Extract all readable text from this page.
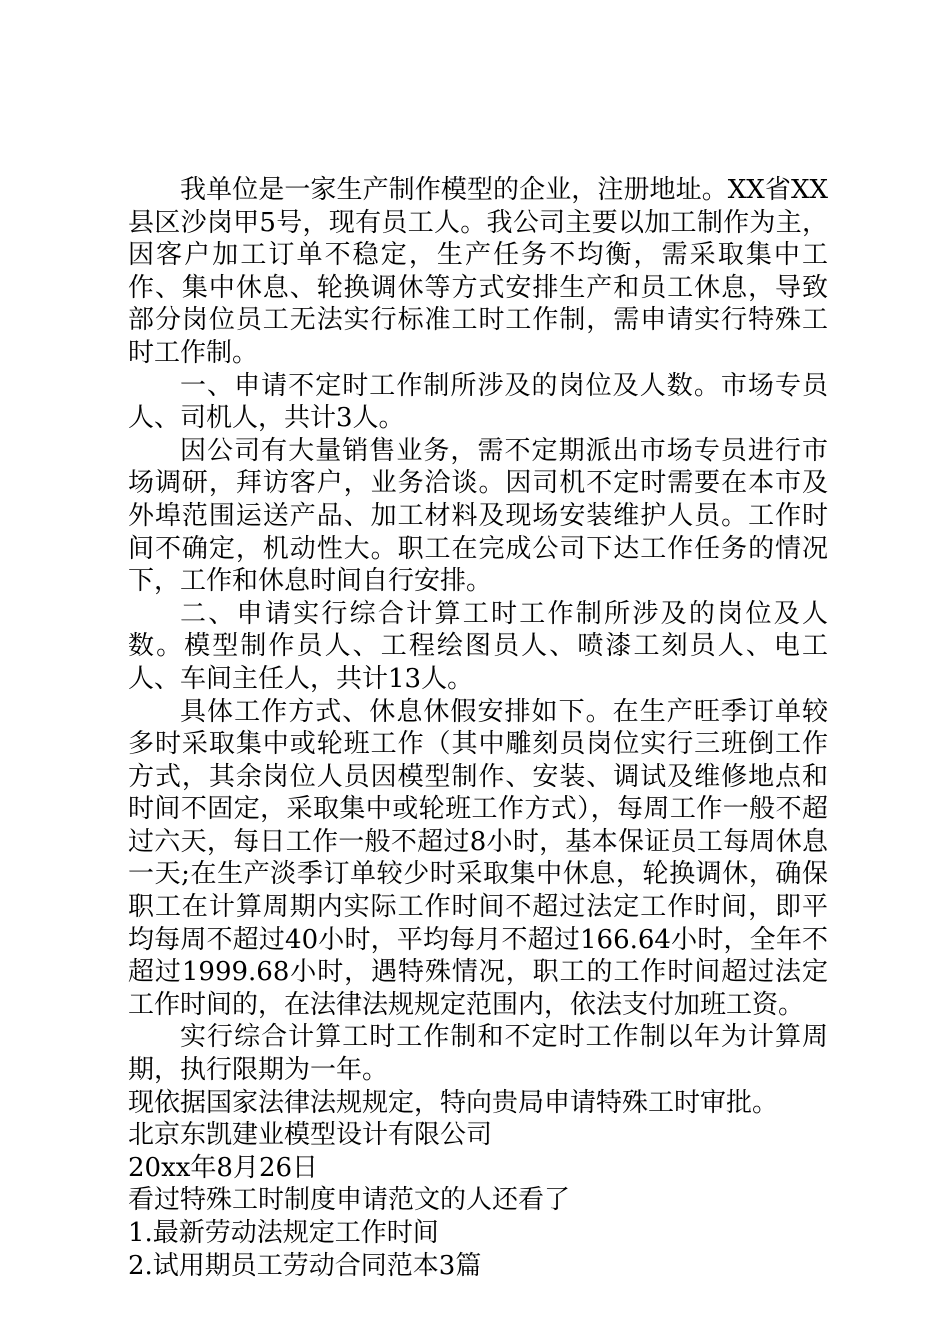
我单位是一家生产制作模型的企业，注册地址。XX省XX县区沙岗甲5号，现有员工人。我公司主要以加工制作为主，因客户加工订单不稳定，生产任务不均衡，需采取集中工作、集中休息、轮换调休等方式安排生产和员工休息，导致部分岗位员工无法实行标准工时工作制，需申请实行特殊工时工作制。

一、申请不定时工作制所涉及的岗位及人数。市场专员人、司机人，共计3人。

因公司有大量销售业务，需不定期派出市场专员进行市场调研，拜访客户，业务洽谈。因司机不定时需要在本市及外埠范围运送产品、加工材料及现场安装维护人员。工作时间不确定，机动性大。职工在完成公司下达工作任务的情况下，工作和休息时间自行安排。

二、申请实行综合计算工时工作制所涉及的岗位及人数。模型制作员人、工程绘图员人、喷漆工刻员人、电工人、车间主任人，共计13人。

具体工作方式、休息休假安排如下。在生产旺季订单较多时采取集中或轮班工作（其中雕刻员岗位实行三班倒工作方式，其余岗位人员因模型制作、安装、调试及维修地点和时间不固定，采取集中或轮班工作方式），每周工作一般不超过六天，每日工作一般不超过8小时，基本保证员工每周休息一天;在生产淡季订单较少时采取集中休息，轮换调休，确保职工在计算周期内实际工作时间不超过法定工作时间，即平均每周不超过40小时，平均每月不超过166.64小时，全年不超过1999.68小时，遇特殊情况，职工的工作时间超过法定工作时间的，在法律法规规定范围内，依法支付加班工资。

实行综合计算工时工作制和不定时工作制以年为计算周期，执行限期为一年。

现依据国家法律法规规定，特向贵局申请特殊工时审批。

北京东凯建业模型设计有限公司

20xx年8月26日

看过特殊工时制度申请范文的人还看了

1.最新劳动法规定工作时间

2.试用期员工劳动合同范本3篇
